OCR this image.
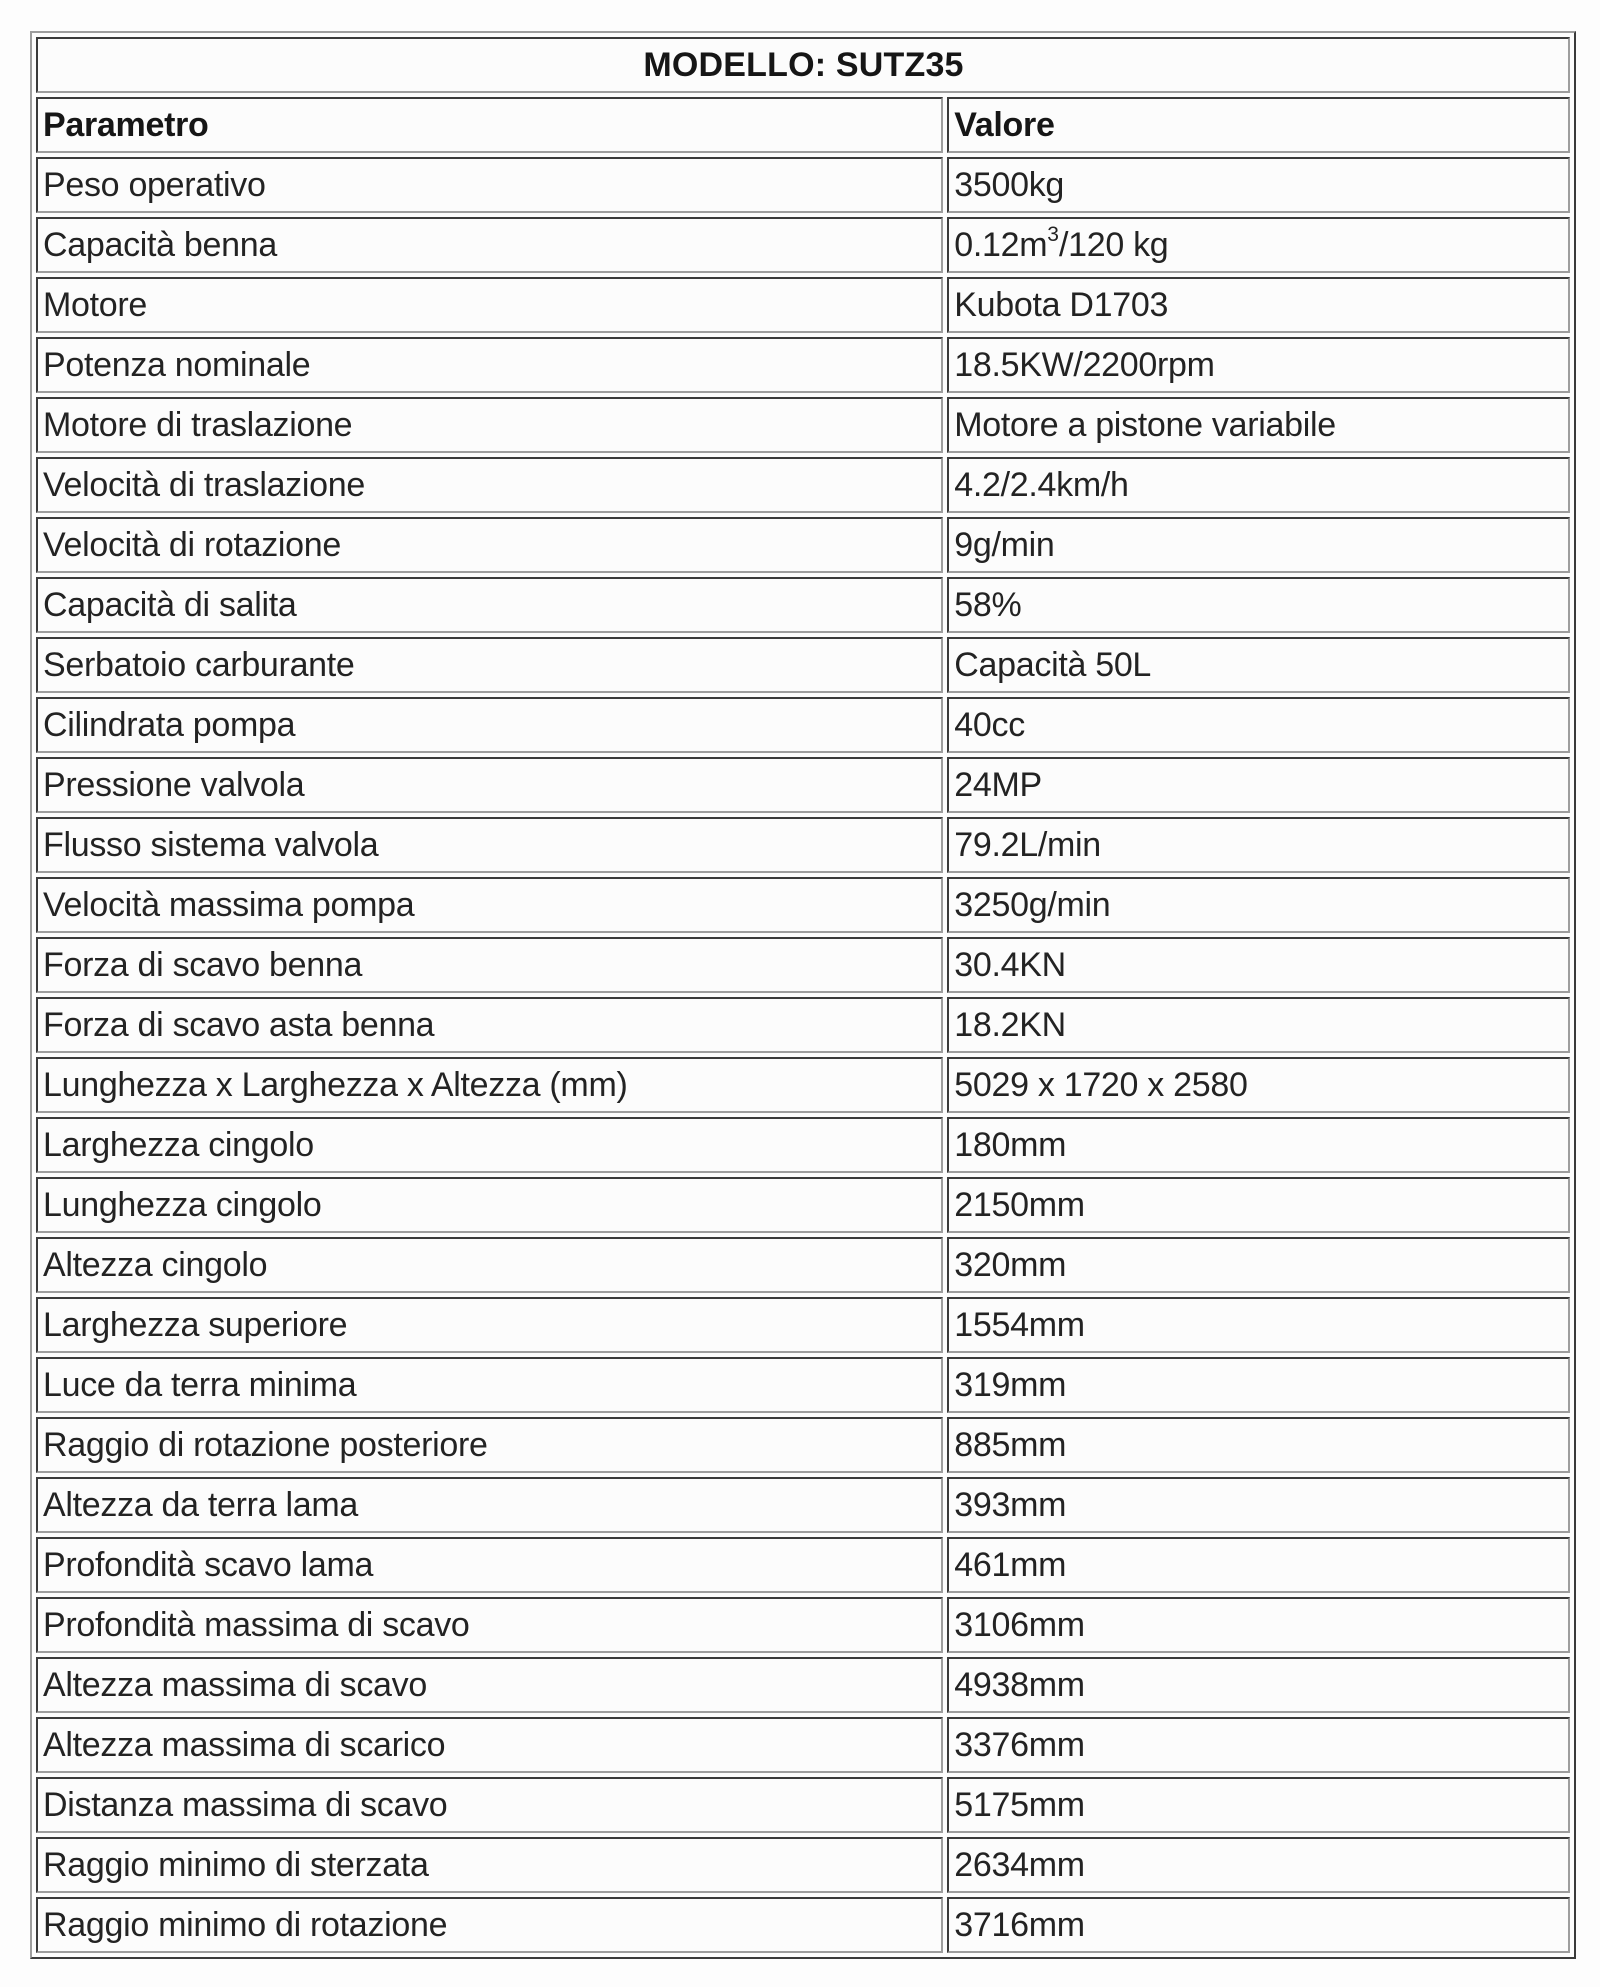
MODELLO: SUTZ35	
Parametro	Valore
Peso operativo	3500kg
Capacità benna	$0.12m^3/120$ kg
Motore	Kubota D1703
Potenza nominale	18.5KW/2200rpm
Motore di traslazione	Motore a pistone variabile
Velocità di traslazione	4.2/2.4km/h
Velocità di rotazione	9g/min
Capacità di salita	58%
Serbatoio carburante	Capacità 50L
Cilindrata pompa	40cc
Pressione valvola	24MP
Flusso sistema valvola	79.2L/min
Velocità massima pompa	3250g/min
Forza di scavo benna	30.4KN
Forza di scavo asta benna	18.2KN
Lunghezza x Larghezza x Altezza (mm)	5029 x 1720 x 2580
Larghezza cingolo	180mm
Lunghezza cingolo	2150mm
Altezza cingolo	320mm
Larghezza superiore	1554mm
Luce da terra minima	319mm
Raggio di rotazione posteriore	885mm
Altezza da terra lama	393mm
Profondità scavo lama	461mm
Profondità massima di scavo	3106mm
Altezza massima di scavo	4938mm
Altezza massima di scarico	3376mm
Distanza massima di scavo	5175mm
Raggio minimo di sterzata	2634mm
Raggio minimo di rotazione	3716mm
